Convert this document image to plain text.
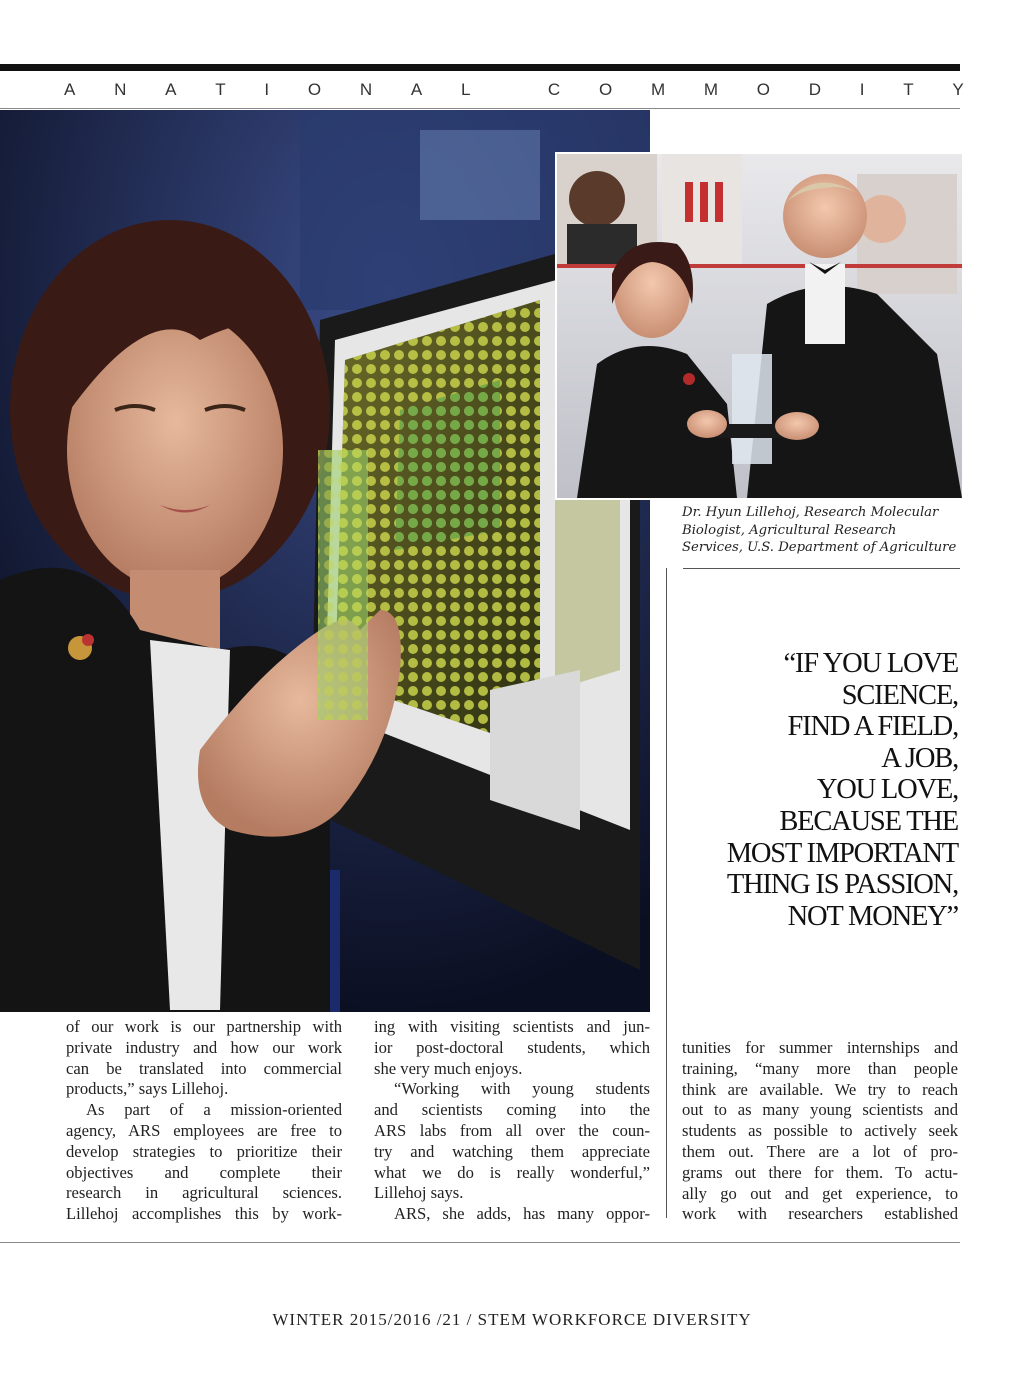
A N A T I O N A L	C O M M O D I T Y
Dr. Hyun Lillehoj, Research Molecular
Biologist, Agricultural Research
Services, U.S. Department of Agriculture
“IF YOU LOVE
SCIENCE,
FIND A FIELD,
A JOB,
YOU LOVE,
BECAUSE THE
MOST IMPORTANT
THING IS PASSION,
NOT MONEY”
of our work is our partnership with
private industry and how our work
can be translated into commercial
products,” says Lillehoj.
As part of a mission-oriented
agency, ARS employees are free to
develop strategies to prioritize their
objectives and complete their
research in agricultural sciences.
Lillehoj accomplishes this by work-
ing with visiting scientists and jun-
ior post-doctoral students, which
she very much enjoys.
“Working with young students
and scientists coming into the
ARS labs from all over the coun-
try and watching them appreciate
what we do is really wonderful,”
Lillehoj says.
ARS, she adds, has many oppor-
tunities for summer internships and
training, “many more than people
think are available. We try to reach
out to as many young scientists and
students as possible to actively seek
them out. There are a lot of pro-
grams out there for them. To actu-
ally go out and get experience, to
work with researchers established
WINTER 2015/2016 /21 / STEM WORKFORCE DIVERSITY
